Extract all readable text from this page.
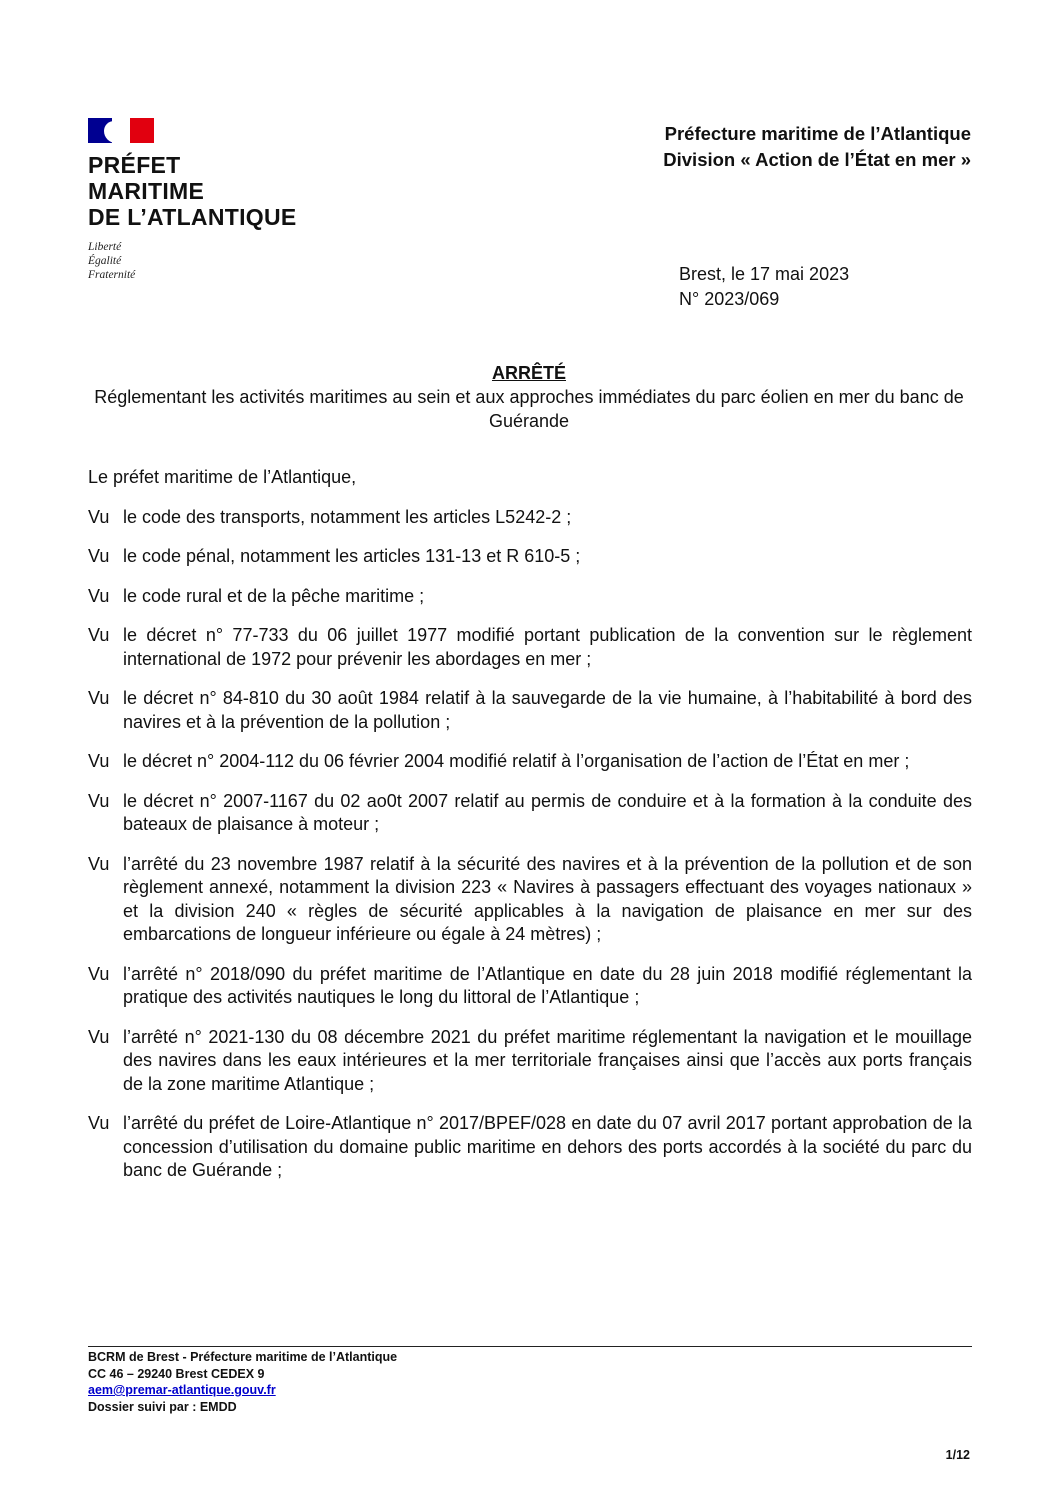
PRÉFET
MARITIME
DE L’ATLANTIQUE
Liberté
Égalité
Fraternité
Préfecture maritime de l’Atlantique
Division « Action de l’État en mer »
Brest, le 17 mai 2023
N° 2023/069
ARRÊTÉ
Réglementant les activités maritimes au sein et aux approches immédiates du parc éolien en mer du banc de Guérande

Le préfet maritime de l’Atlantique,

Vu le code des transports, notamment les articles L5242-2 ;
Vu le code pénal, notamment les articles 131-13 et R 610-5 ;
Vu le code rural et de la pêche maritime ;
Vu le décret n° 77-733 du 06 juillet 1977 modifié portant publication de la convention sur le règlement international de 1972 pour prévenir les abordages en mer ;
Vu le décret n° 84-810 du 30 août 1984 relatif à la sauvegarde de la vie humaine, à l’habitabilité à bord des navires et à la prévention de la pollution ;
Vu le décret n° 2004-112 du 06 février 2004 modifié relatif à l’organisation de l’action de l’État en mer ;
Vu le décret n° 2007-1167 du 02 ao0t 2007 relatif au permis de conduire et à la formation à la conduite des bateaux de plaisance à moteur ;
Vu l’arrêté du 23 novembre 1987 relatif à la sécurité des navires et à la prévention de la pollution et de son règlement annexé, notamment la division 223 « Navires à passagers effectuant des voyages nationaux » et la division 240 « règles de sécurité applicables à la navigation de plaisance en mer sur des embarcations de longueur inférieure ou égale à 24 mètres) ;
Vu l’arrêté n° 2018/090 du préfet maritime de l’Atlantique en date du 28 juin 2018 modifié réglementant la pratique des activités nautiques le long du littoral de l’Atlantique ;
Vu l’arrêté n° 2021-130 du 08 décembre 2021 du préfet maritime réglementant la navigation et le mouillage des navires dans les eaux intérieures et la mer territoriale françaises ainsi que l’accès aux ports français de la zone maritime Atlantique ;
Vu l’arrêté du préfet de Loire-Atlantique n° 2017/BPEF/028 en date du 07 avril 2017 portant approbation de la concession d’utilisation du domaine public maritime en dehors des ports accordés à la société du parc du banc de Guérande ;
BCRM de Brest - Préfecture maritime de l’Atlantique
CC 46 – 29240 Brest CEDEX 9
aem@premar-atlantique.gouv.fr
Dossier suivi par : EMDD
1/12
